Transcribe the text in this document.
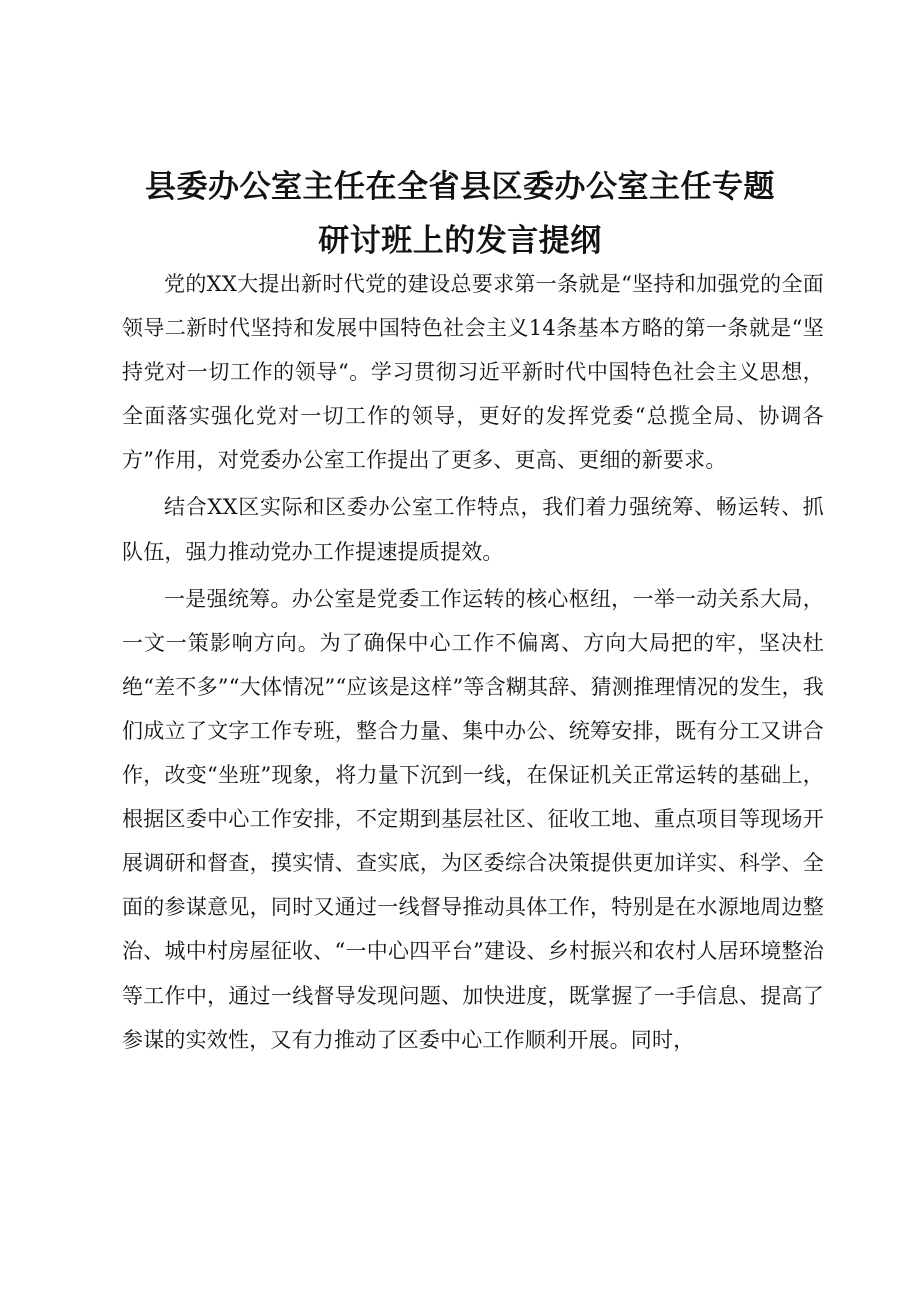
县委办公室主任在全省县区委办公室主任专题
研讨班上的发言提纲

党的XX大提出新时代党的建设总要求第一条就是“坚持和加强党的全面领导二新时代坚持和发展中国特色社会主义14条基本方略的第一条就是“坚持党对一切工作的领导“。学习贯彻习近平新时代中国特色社会主义思想，全面落实强化党对一切工作的领导，更好的发挥党委“总揽全局、协调各方”作用，对党委办公室工作提出了更多、更高、更细的新要求。

结合XX区实际和区委办公室工作特点，我们着力强统筹、畅运转、抓队伍，强力推动党办工作提速提质提效。

一是强统筹。办公室是党委工作运转的核心枢纽，一举一动关系大局，一文一策影响方向。为了确保中心工作不偏离、方向大局把的牢，坚决杜绝“差不多”“大体情况”“应该是这样”等含糊其辞、猜测推理情况的发生，我们成立了文字工作专班，整合力量、集中办公、统筹安排，既有分工又讲合作，改变“坐班”现象，将力量下沉到一线，在保证机关正常运转的基础上，根据区委中心工作安排，不定期到基层社区、征收工地、重点项目等现场开展调研和督查，摸实情、查实底，为区委综合决策提供更加详实、科学、全面的参谋意见，同时又通过一线督导推动具体工作，特别是在水源地周边整治、城中村房屋征收、“一中心四平台”建设、乡村振兴和农村人居环境整治等工作中，通过一线督导发现问题、加快进度，既掌握了一手信息、提高了参谋的实效性，又有力推动了区委中心工作顺利开展。同时，
